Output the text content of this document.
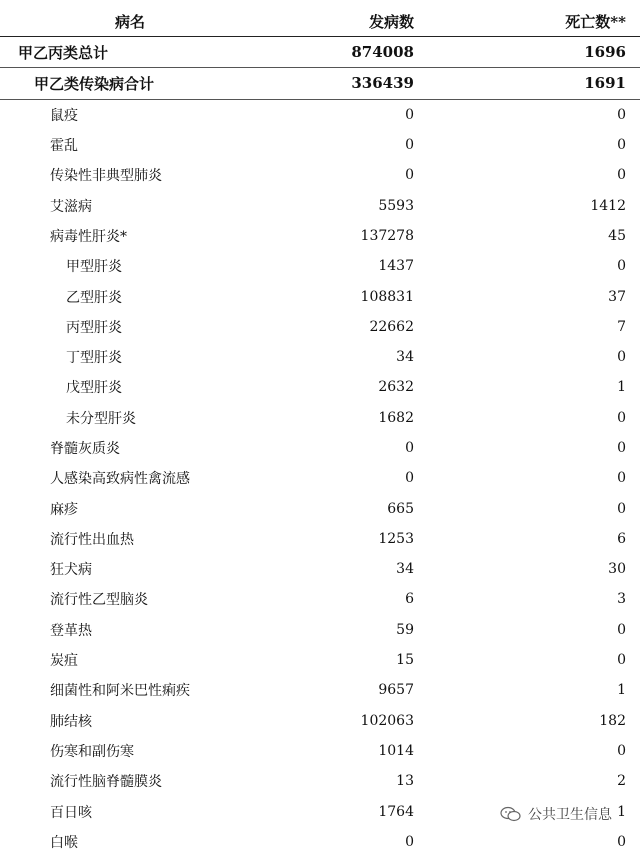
病名	发病数	死亡数**
甲乙丙类总计	874008	1696
甲乙类传染病合计	336439	1691
鼠疫	0	0
霍乱	0	0
传染性非典型肺炎	0	0
艾滋病	5593	1412
病毒性肝炎*	137278	45
甲型肝炎	1437	0
乙型肝炎	108831	37
丙型肝炎	22662	7
丁型肝炎	34	0
戊型肝炎	2632	1
未分型肝炎	1682	0
脊髓灰质炎	0	0
人感染高致病性禽流感	0	0
麻疹	665	0
流行性出血热	1253	6
狂犬病	34	30
流行性乙型脑炎	6	3
登革热	59	0
炭疽	15	0
细菌性和阿米巴性痢疾	9657	1
肺结核	102063	182
伤寒和副伤寒	1014	0
流行性脑脊髓膜炎	13	2
百日咳	1764	1
白喉	0	0
公共卫生信息
